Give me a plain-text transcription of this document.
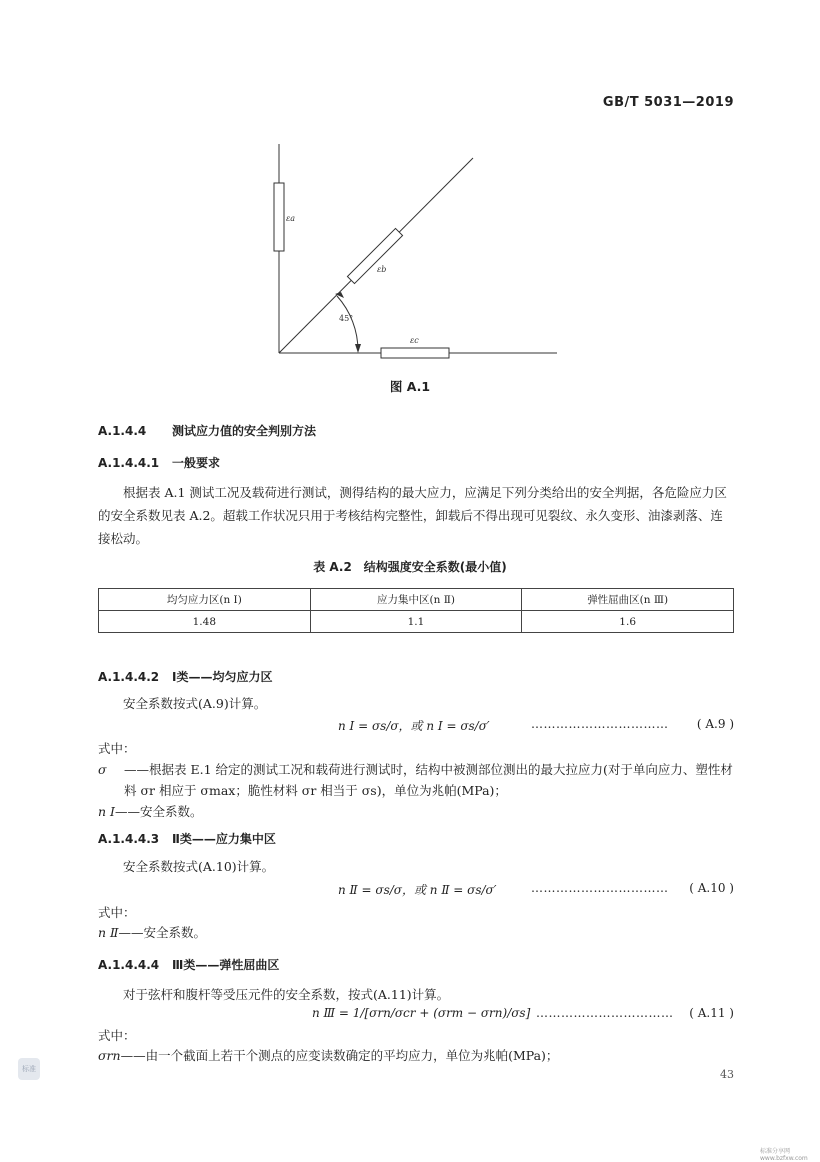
GB/T 5031—2019
εa
εb
εc
45°
图 A.1
A.1.4.4 测试应力值的安全判别方法
A.1.4.4.1 一般要求
根据表 A.1 测试工况及载荷进行测试，测得结构的最大应力，应满足下列分类给出的安全判据，各危险应力区的安全系数见表 A.2。超载工作状况只用于考核结构完整性，卸载后不得出现可见裂纹、永久变形、油漆剥落、连接松动。
表 A.2　结构强度安全系数(最小值)
均匀应力区(n Ⅰ)	应力集中区(n Ⅱ)	弹性屈曲区(n Ⅲ)
1.48	1.1	1.6
A.1.4.4.2 Ⅰ类——均匀应力区
安全系数按式(A.9)计算。
n Ⅰ = σs/σ，或 n Ⅰ = σs/σ′	…………………………… ( A.9 )
式中：
σ	——根据表 E.1 给定的测试工况和载荷进行测试时，结构中被测部位测出的最大拉应力(对于单向应力、塑性材料 σr 相应于 σmax；脆性材料 σr 相当于 σs)，单位为兆帕(MPa)；
n Ⅰ——安全系数。
A.1.4.4.3 Ⅱ类——应力集中区
安全系数按式(A.10)计算。
n Ⅱ = σs/σ，或 n Ⅱ = σs/σ′	…………………………… ( A.10 )
式中：
n Ⅱ——安全系数。
A.1.4.4.4 Ⅲ类——弹性屈曲区
对于弦杆和腹杆等受压元件的安全系数，按式(A.11)计算。
n Ⅲ = 1/[σrn/σcr + (σrm − σrn)/σs] …………………………… ( A.11 )
式中：
σrn——由一个截面上若干个测点的应变读数确定的平均应力，单位为兆帕(MPa)；
标准	43
标准分享网 www.bzfxw.com
